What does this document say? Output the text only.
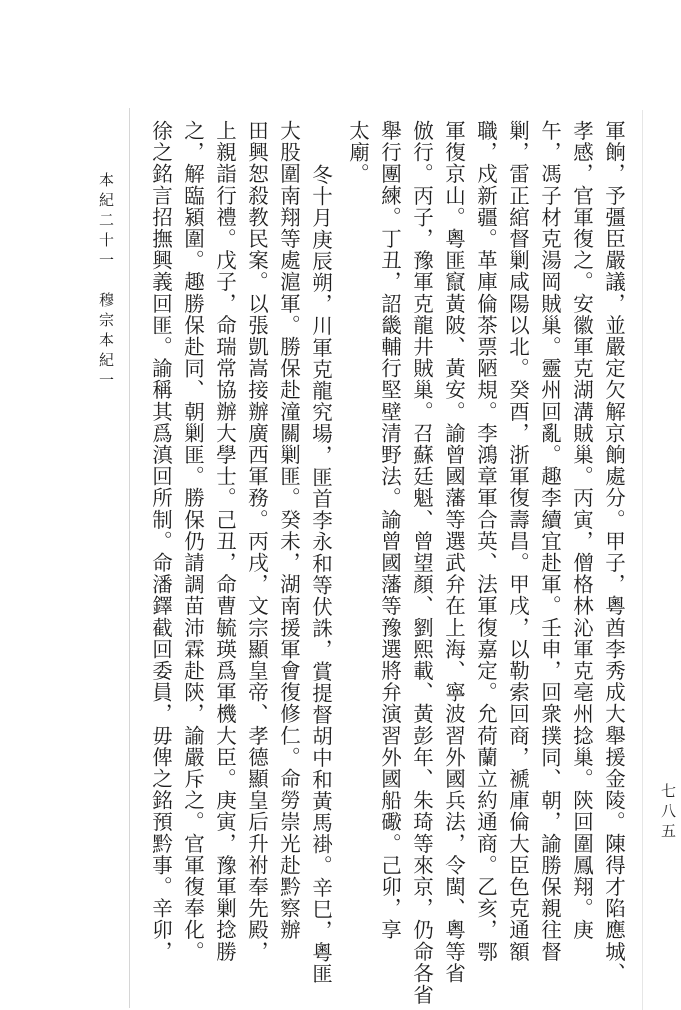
七八五
軍餉，予彊臣嚴議，並嚴定欠解京餉處分。甲子，粵酋李秀成大舉援金陵。陳得才陷應城、
孝感，官軍復之。安徽軍克湖溝賊巢。丙寅，僧格林沁軍克亳州捻巢。陝回圍鳳翔。庚
午，馮子材克湯岡賊巢。靈州回亂。趣李續宜赴軍。壬申，回衆撲同、朝，諭勝保親往督
剿，雷正綰督剿咸陽以北。癸酉，浙軍復壽昌。甲戌，以勒索回商，褫庫倫大臣色克通額
職，戍新疆。革庫倫茶票陋規。李鴻章軍合英、法軍復嘉定。允荷蘭立約通商。乙亥，鄂
軍復京山。粵匪竄黃陂、黃安。諭曾國藩等選武弁在上海、寧波習外國兵法，令閩、粵等省
倣行。丙子，豫軍克龍井賊巢。召蘇廷魁、曾望顏、劉熙載、黃彭年、朱琦等來京，仍命各省
舉行團練。丁丑，詔畿輔行堅壁清野法。諭曾國藩等豫選將弁演習外國船礮。己卯，享
太廟。
冬十月庚辰朔，川軍克龍究場，匪首李永和等伏誅，賞提督胡中和黃馬褂。辛巳，粵匪
大股圍南翔等處滬軍。勝保赴潼關剿匪。癸未，湖南援軍會復修仁。命勞崇光赴黔察辦
田興恕殺教民案。以張凱嵩接辦廣西軍務。丙戌，文宗顯皇帝、孝德顯皇后升祔奉先殿，
上親詣行禮。戊子，命瑞常協辦大學士。己丑，命曹毓瑛爲軍機大臣。庚寅，豫軍剿捻勝
之，解臨潁圍。趣勝保赴同、朝剿匪。勝保仍請調苗沛霖赴陝，諭嚴斥之。官軍復奉化。
徐之銘言招撫興義回匪。諭稱其爲滇回所制。命潘鐸截回委員，毋俾之銘預黔事。辛卯，
本紀二十一　穆宗本紀一
